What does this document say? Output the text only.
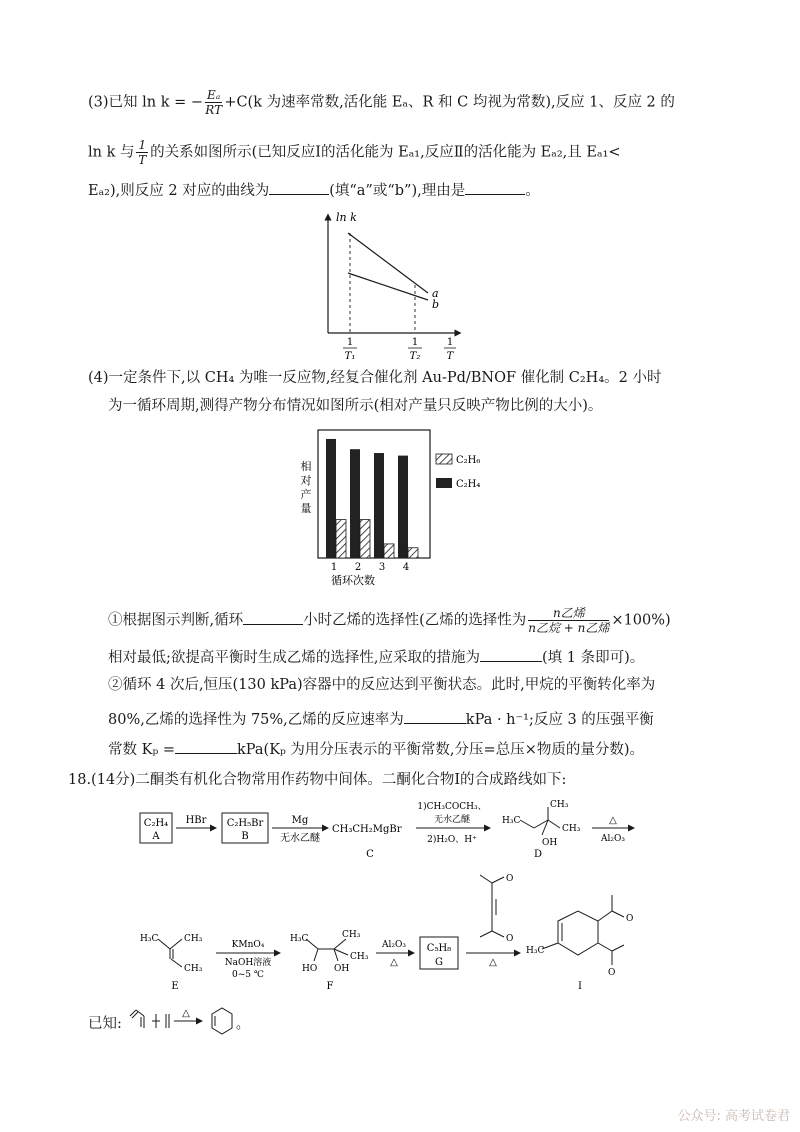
(3)已知 ln k = − $\frac{\text{Eₐ}}{RT} +C(k$ 为速率常数,活化能 Eₐ、R 和 C 均视为常数),反应 1、反应 2 的
ln k 与 $\frac{1}{T}$ 的关系如图所示(已知反应Ⅰ的活化能为 Eₐ₁,反应Ⅱ的活化能为 Eₐ₂,且 Eₐ₁<
Eₐ₂),则反应 2 对应的曲线为	(填“a”或“b”),理由是	。
ln k
a
b
1
T₁
1
T₂
1
T
(4)一定条件下,以 CH₄ 为唯一反应物,经复合催化剂 Au-Pd/BNOF 催化制 C₂H₄。2 小时
为一循环周期,测得产物分布情况如图所示(相对产量只反映产物比例的大小)。
相对产量
1 2 3 4
循环次数
C₂H₆
C₂H₄
①根据图示判断,循环	小时乙烯的选择性(乙烯的选择性为 $\frac{\text{n乙烯}}{\text{n乙烷 + n乙烯}} \times 100\%$)
相对最低;欲提高平衡时生成乙烯的选择性,应采取的措施为	(填 1 条即可)。
②循环 4 次后,恒压(130 kPa)容器中的反应达到平衡状态。此时,甲烷的平衡转化率为
80%,乙烯的选择性为 75%,乙烯的反应速率为	kPa · h⁻¹;反应 3 的压强平衡
常数 Kₚ =	kPa(Kₚ 为用分压表示的平衡常数,分压=总压×物质的量分数)。
18.(14分)二酮类有机化合物常用作药物中间体。二酮化合物Ⅰ的合成路线如下:
C₂H₄
A
HBr C₂H₅Br
B
Mg
无水乙醚
CH₃CH₂MgBr
C
1)CH₃COCH₃、
无水乙醚
2)H₂O、H⁺
H₃C
CH₃
CH₃
OH
D
△
Al₂O₃
H₃C	CH₃
CH₃
E
KMnO₄
NaOH溶液
0~5 ℃
H₃C	CH₃
CH₃
HO OH
F
Al₂O₃
△
C₅H₈
G
O
O
△
H₃C
O
O
I
已知:
△
。
公众号: 高考试卷君
